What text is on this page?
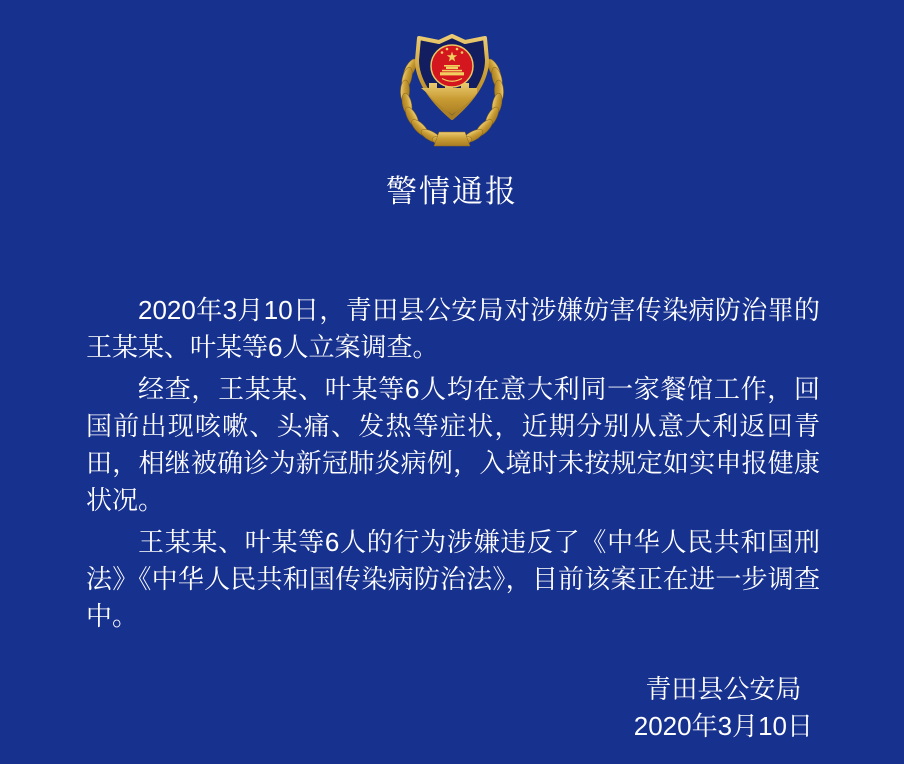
警情通报

2020年3月10日，青田县公安局对涉嫌妨害传染病防治罪的王某某、叶某等6人立案调查。

经查，王某某、叶某等6人均在意大利同一家餐馆工作，回国前出现咳嗽、头痛、发热等症状，近期分别从意大利返回青田，相继被确诊为新冠肺炎病例，入境时未按规定如实申报健康状况。

王某某、叶某等6人的行为涉嫌违反了《中华人民共和国刑法》《中华人民共和国传染病防治法》，目前该案正在进一步调查中。

青田县公安局
2020年3月10日
